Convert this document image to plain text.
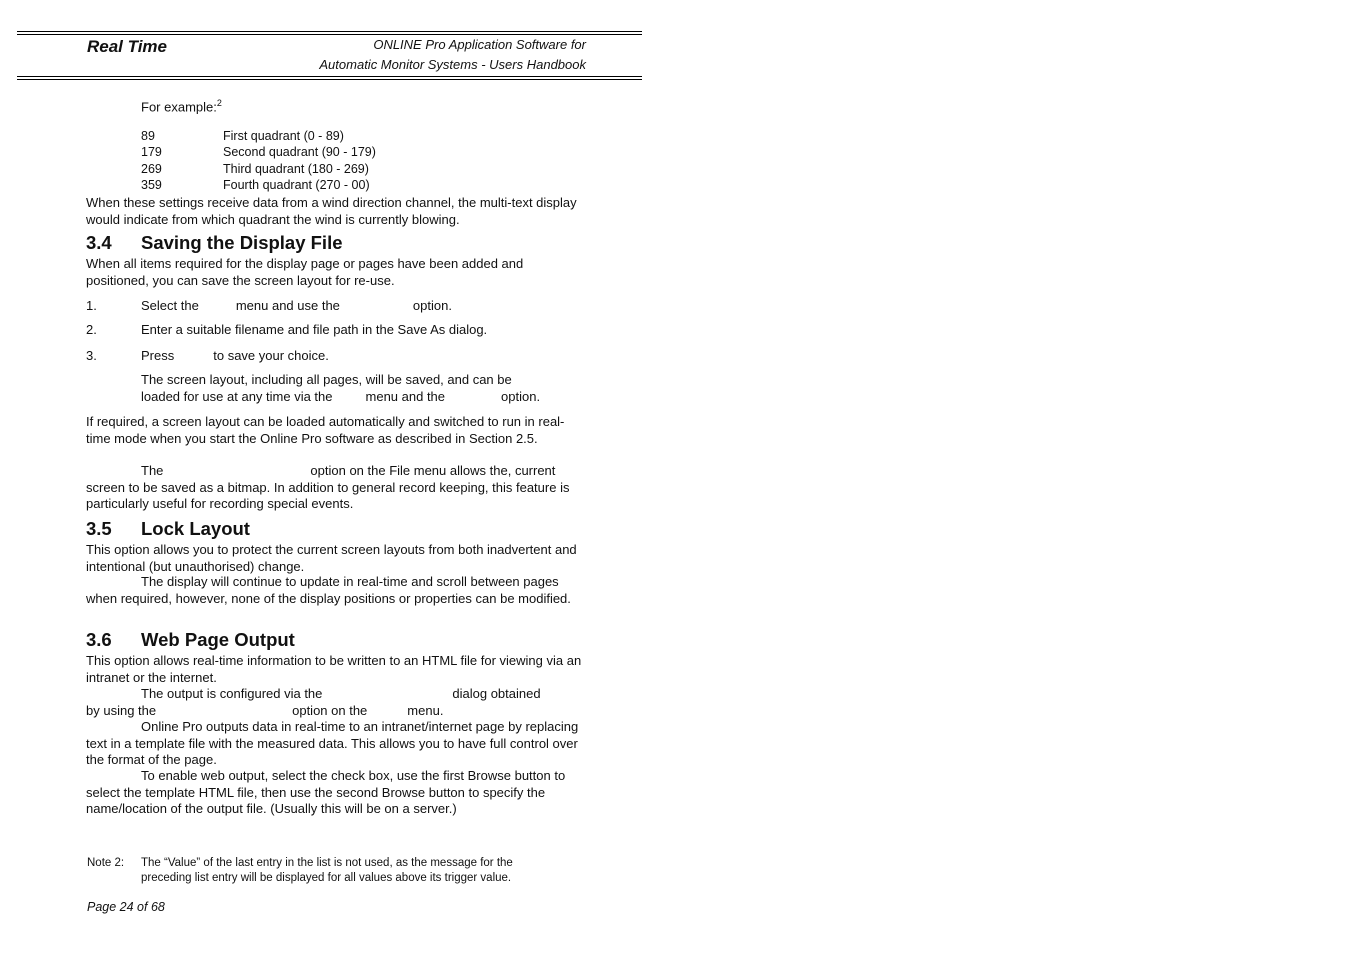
Real Time	ONLINE Pro Application Software for
Automatic Monitor Systems - Users Handbook
For example:$^2$
89	First quadrant (0 - 89)
179	Second quadrant (90 - 179)
269	Third quadrant (180 - 269)
359	Fourth quadrant (270 - 00)
When these settings receive data from a wind direction channel, the multi-text display would indicate from which quadrant the wind is currently blowing.
3.4 Saving the Display File
When all items required for the display page or pages have been added and positioned, you can save the screen layout for re-use.
1.	Select the	menu and use the	option.
2.	Enter a suitable filename and file path in the Save As dialog.
3.	Press	to save your choice.
The screen layout, including all pages, will be saved, and can be
loaded for use at any time via the	menu and the	option.
If required, a screen layout can be loaded automatically and switched to run in real-time mode when you start the Online Pro software as described in Section 2.5.
The	option on the File menu allows the, current screen to be saved as a bitmap. In addition to general record keeping, this feature is particularly useful for recording special events.
3.5 Lock Layout
This option allows you to protect the current screen layouts from both inadvertent and intentional (but unauthorised) change.
The display will continue to update in real-time and scroll between pages when required, however, none of the display positions or properties can be modified.
3.6 Web Page Output
This option allows real-time information to be written to an HTML file for viewing via an intranet or the internet.
The output is configured via the	dialog obtained
by using the	option on the	menu.
Online Pro outputs data in real-time to an intranet/internet page by replacing text in a template file with the measured data. This allows you to have full control over the format of the page.
To enable web output, select the check box, use the first Browse button to select the template HTML file, then use the second Browse button to specify the name/location of the output file. (Usually this will be on a server.)
Note 2: The “Value” of the last entry in the list is not used, as the message for the
preceding list entry will be displayed for all values above its trigger value.
Page 24 of 68
